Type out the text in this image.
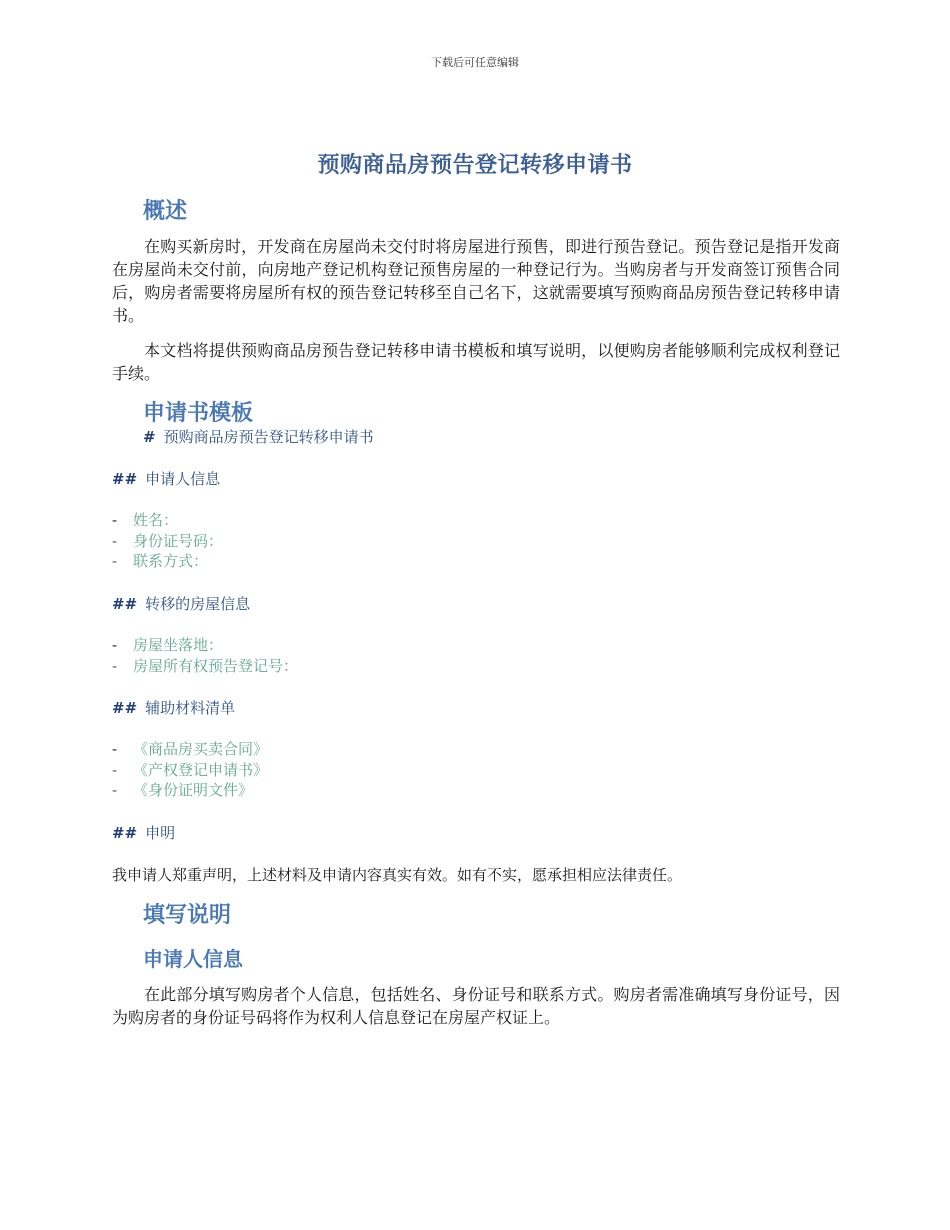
下载后可任意编辑
预购商品房预告登记转移申请书
概述
在购买新房时，开发商在房屋尚未交付时将房屋进行预售，即进行预告登记。预告登记是指开发商在房屋尚未交付前，向房地产登记机构登记预售房屋的一种登记行为。当购房者与开发商签订预售合同后，购房者需要将房屋所有权的预告登记转移至自己名下，这就需要填写预购商品房预告登记转移申请书。
本文档将提供预购商品房预告登记转移申请书模板和填写说明，以便购房者能够顺利完成权利登记手续。
申请书模板
# 预购商品房预告登记转移申请书
## 申请人信息
- 姓名：
- 身份证号码：
- 联系方式：
## 转移的房屋信息
- 房屋坐落地：
- 房屋所有权预告登记号：
## 辅助材料清单
- 《商品房买卖合同》
- 《产权登记申请书》
- 《身份证明文件》
## 申明
我申请人郑重声明，上述材料及申请内容真实有效。如有不实，愿承担相应法律责任。
填写说明
申请人信息
在此部分填写购房者个人信息，包括姓名、身份证号和联系方式。购房者需准确填写身份证号，因为购房者的身份证号码将作为权利人信息登记在房屋产权证上。
